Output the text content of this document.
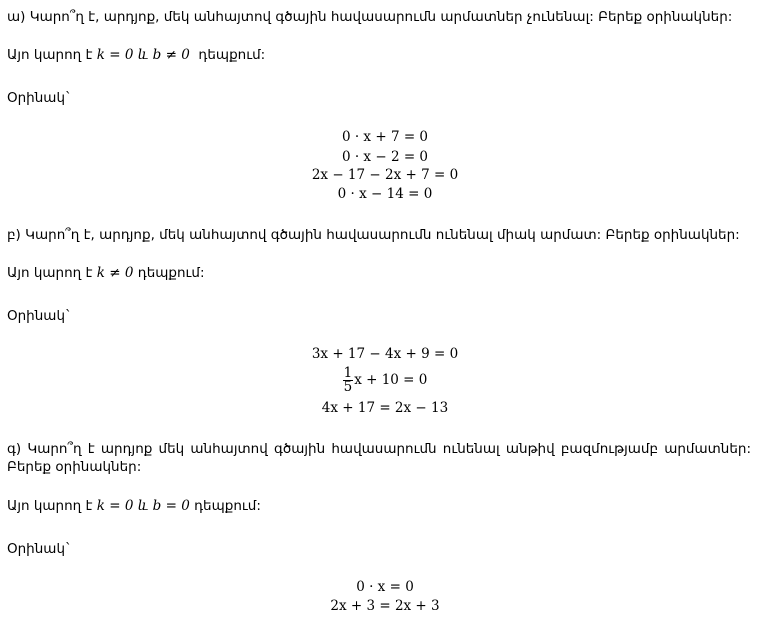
ա) Կարո՞ղ է, արդյոք, մեկ անհայտով գծային հավասարումն արմատներ չունենալ: Բերեք օրինակներ:
Այո կարող է k = 0 և b ≠ 0 դեպքում:
Օրինակ`
0 · x + 7 = 0
0 · x − 2 = 0
2x − 17 − 2x + 7 = 0
0 · x − 14 = 0
բ) Կարո՞ղ է, արդյոք, մեկ անհայտով գծային հավասարումն ունենալ միակ արմատ: Բերեք օրինակներ:
Այո կարող է k ≠ 0 դեպքում:
Օրինակ`
3x + 17 − 4x + 9 = 0
$\frac{1}{5}$ x + 10 = 0
4x + 17 = 2x − 13
գ) Կարո՞ղ է արդյոք մեկ անհայտով գծային հավասարումն ունենալ անթիվ բազմությամբ արմատներ: Բերեք օրինակներ:
Այո կարող է k = 0 և b = 0 դեպքում:
Օրինակ`
0 · x = 0
2x + 3 = 2x + 3
